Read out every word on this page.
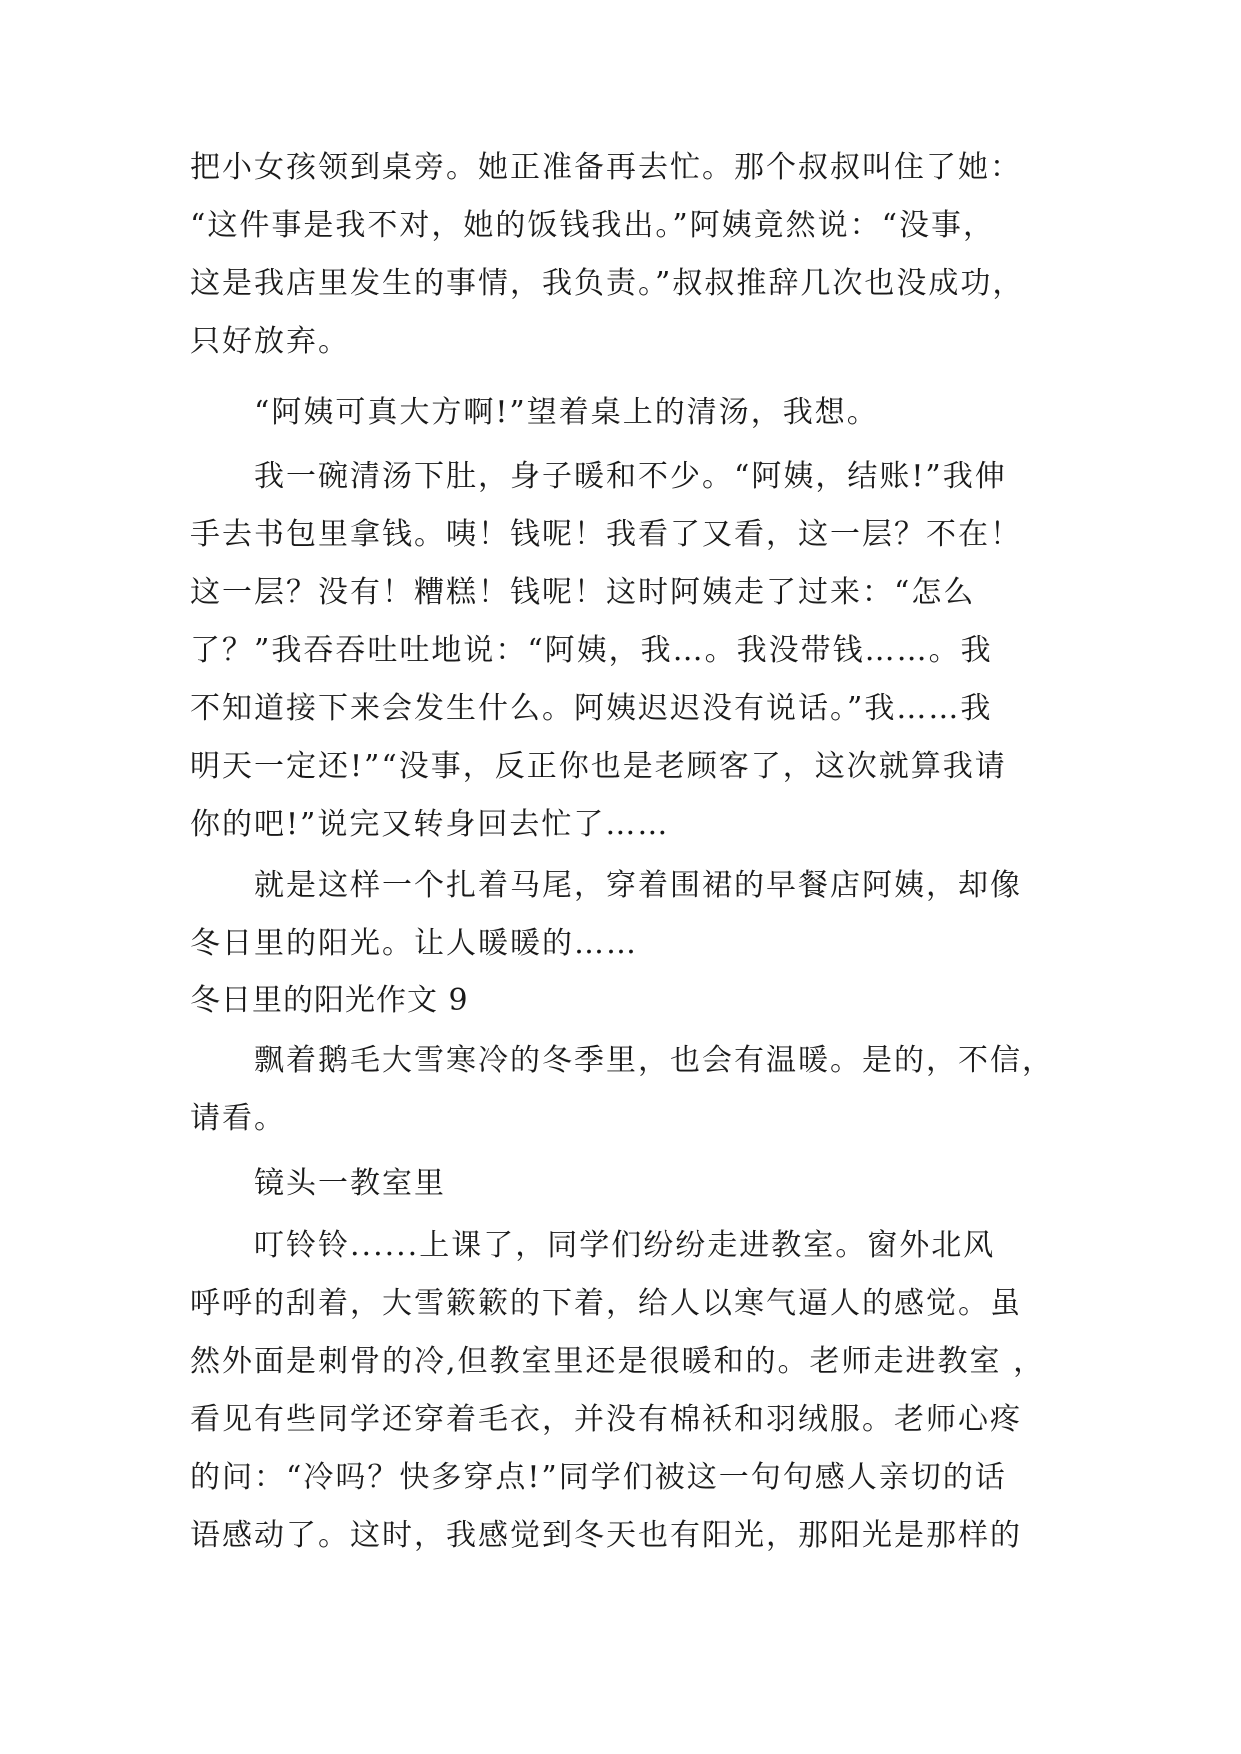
把小女孩领到桌旁。她正准备再去忙。那个叔叔叫住了她：
“这件事是我不对，她的饭钱我出。”阿姨竟然说：“没事，
这是我店里发生的事情，我负责。”叔叔推辞几次也没成功，
只好放弃。
“阿姨可真大方啊!”望着桌上的清汤，我想。
我一碗清汤下肚，身子暖和不少。“阿姨，结账!”我伸
手去书包里拿钱。咦！钱呢！我看了又看，这一层？不在！
这一层？没有！糟糕！钱呢！这时阿姨走了过来：“怎么
了？”我吞吞吐吐地说：“阿姨，我…。我没带钱……。我
不知道接下来会发生什么。阿姨迟迟没有说话。”我……我
明天一定还!”“没事，反正你也是老顾客了，这次就算我请
你的吧!”说完又转身回去忙了……
就是这样一个扎着马尾，穿着围裙的早餐店阿姨，却像
冬日里的阳光。让人暖暖的……
冬日里的阳光作文 9
飘着鹅毛大雪寒冷的冬季里，也会有温暖。是的，不信，
请看。
镜头一教室里
叮铃铃......上课了，同学们纷纷走进教室。窗外北风
呼呼的刮着，大雪簌簌的下着，给人以寒气逼人的感觉。虽
然外面是刺骨的冷,但教室里还是很暖和的。老师走进教室 ，
看见有些同学还穿着毛衣，并没有棉袄和羽绒服。老师心疼
的问：“冷吗？快多穿点!”同学们被这一句句感人亲切的话
语感动了。这时，我感觉到冬天也有阳光，那阳光是那样的
